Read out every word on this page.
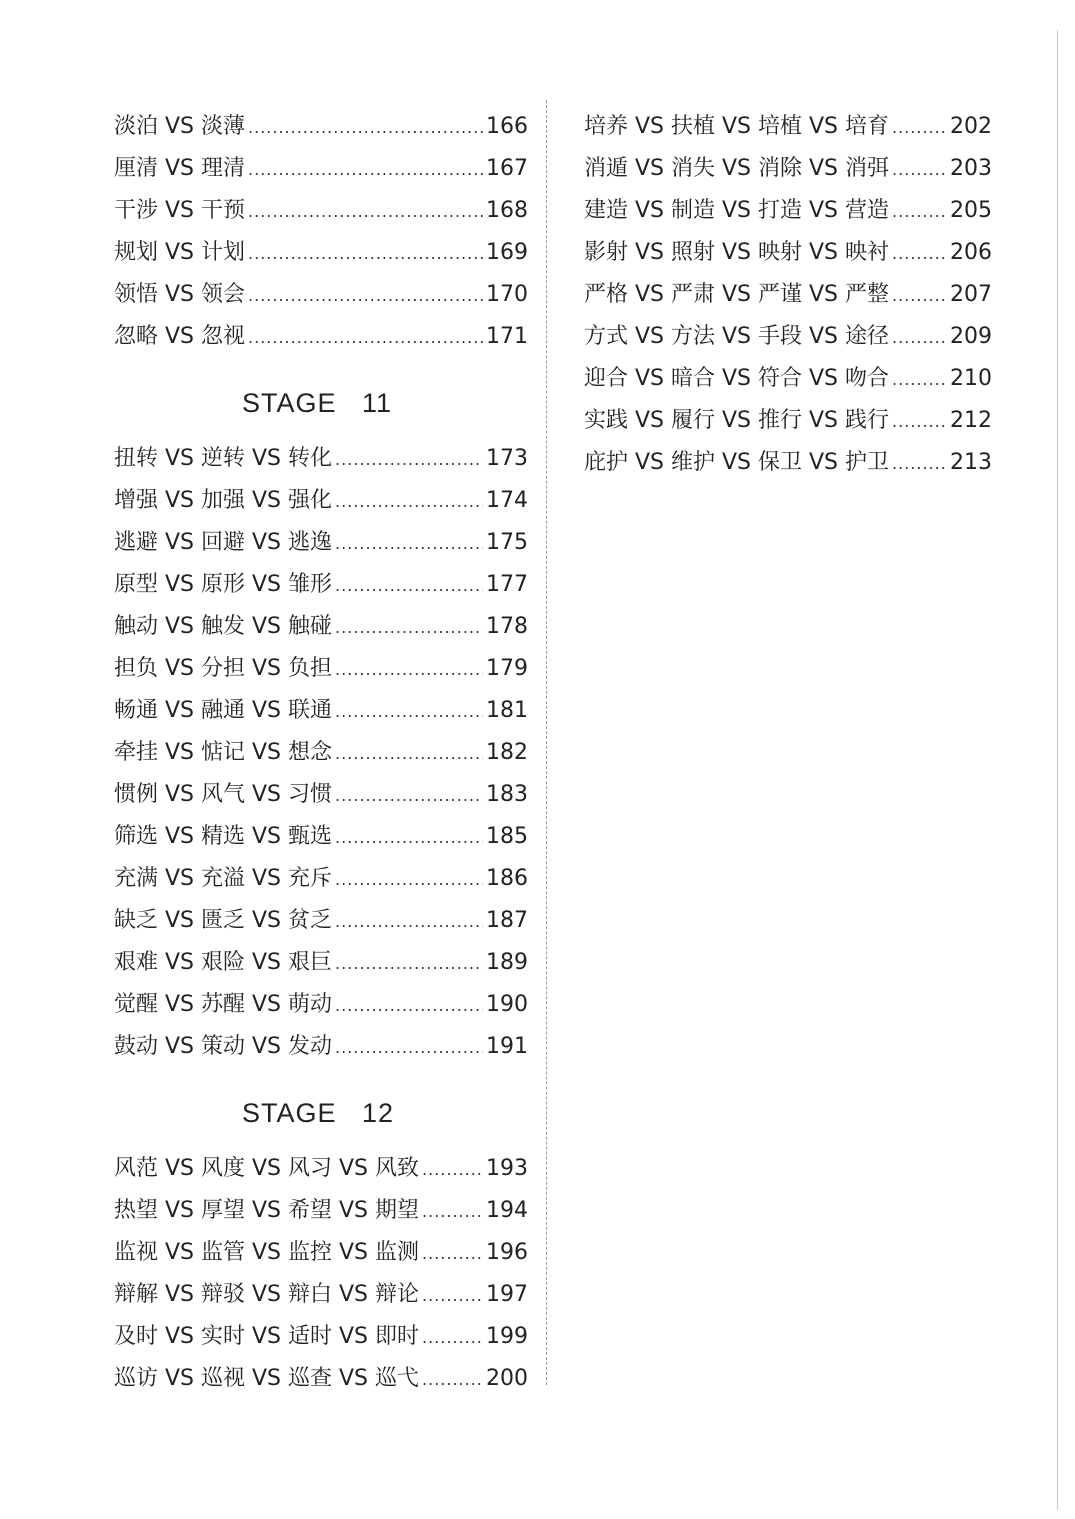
淡泊 VS 淡薄 .....	166
厘清 VS 理清 .....	167
干涉 VS 干预 .....	168
规划 VS 计划 .....	169
领悟 VS 领会 .....	170
忽略 VS 忽视 .....	171
STAGE   11
扭转 VS 逆转 VS 转化 .....	173
增强 VS 加强 VS 强化 .....	174
逃避 VS 回避 VS 逃逸 .....	175
原型 VS 原形 VS 雏形 .....	177
触动 VS 触发 VS 触碰 .....	178
担负 VS 分担 VS 负担 .....	179
畅通 VS 融通 VS 联通 .....	181
牵挂 VS 惦记 VS 想念 .....	182
惯例 VS 风气 VS 习惯 .....	183
筛选 VS 精选 VS 甄选 .....	185
充满 VS 充溢 VS 充斥 .....	186
缺乏 VS 匮乏 VS 贫乏 .....	187
艰难 VS 艰险 VS 艰巨 .....	189
觉醒 VS 苏醒 VS 萌动 .....	190
鼓动 VS 策动 VS 发动 .....	191
STAGE   12
风范 VS 风度 VS 风习 VS 风致 .....	193
热望 VS 厚望 VS 希望 VS 期望 .....	194
监视 VS 监管 VS 监控 VS 监测 .....	196
辩解 VS 辩驳 VS 辩白 VS 辩论 .....	197
及时 VS 实时 VS 适时 VS 即时 .....	199
巡访 VS 巡视 VS 巡查 VS 巡弋 .....	200
培养 VS 扶植 VS 培植 VS 培育 .....	202
消遁 VS 消失 VS 消除 VS 消弭 .....	203
建造 VS 制造 VS 打造 VS 营造 .....	205
影射 VS 照射 VS 映射 VS 映衬 .....	206
严格 VS 严肃 VS 严谨 VS 严整 .....	207
方式 VS 方法 VS 手段 VS 途径 .....	209
迎合 VS 暗合 VS 符合 VS 吻合 .....	210
实践 VS 履行 VS 推行 VS 践行 .....	212
庇护 VS 维护 VS 保卫 VS 护卫 .....	213
